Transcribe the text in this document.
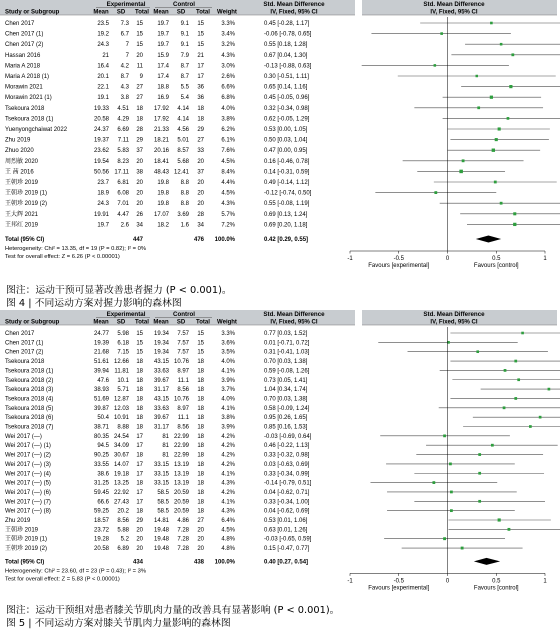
Experimental	Control	Std. Mean Difference	Std. Mean Difference
Study or Subgroup	Mean SD Total Mean SD Total Weight	IV, Fixed, 95% CI	IV, Fixed, 95% CI
Chen 2017	23.5 7.3 15 19.7 9.1 15	3.3%	0.45 [-0.28, 1.17]
Chen 2017 (1)	19.2 6.7 15 19.7 9.1 15	3.4%	-0.06 [-0.78, 0.65]
Chen 2017 (2)	24.3	7 15 19.7 9.1 15	3.2%	0.55 [0.18, 1.28]
Hassan 2016	21	7 20 15.9 7.9 21	4.3%	0.67 [0.04, 1.30]
Maria A 2018	16.4 4.2 11 17.4 8.7 17	3.0%	-0.13 [-0.88, 0.63]
Maria A 2018 (1)	20.1 8.7 9 17.4 8.7 17	2.6%	0.30 [-0.51, 1.11]
Morawin 2021	22.1 4.3 27 18.8 5.5 36	6.6%	0.65 [0.14, 1.16]
Morawin 2021 (1)	19.1 3.8 27 16.9 5.4 36	6.8%	0.45 [-0.05, 0.96]
Tsekoura 2018	19.33 4.51 18 17.92 4.14 18	4.0%	0.32 [-0.34, 0.98]
Tsekoura 2018 (1)	20.58 4.29 18 17.92 4.14 18	3.8%	0.62 [-0.05, 1.29]
Yuenyongchaiwat 2022	24.37 6.69 28 21.33 4.56 29	6.2%	0.53 [0.00, 1.05]
Zhu 2019	19.37 7.11 29 18.21 5.01 27	6.1%	0.50 [0.03, 1.04]
Zhuo 2020	23.62 5.83 37 20.16 8.57 33	7.6%	0.47 [0.00, 0.95]
周烈敏 2020	19.54 8.23 20 18.41 5.68 20	4.5%	0.16 [-0.46, 0.78]
王 茜 2016	50.56 17.11 38 48.43 12.41 37	8.4%	0.14 [-0.31, 0.59]
王朝珍 2019	23.7 6.81 20 19.8 8.8 20	4.4%	0.49 [-0.14, 1.12]
王朝珍 2019 (1)	18.9 6.08 20 19.8 8.8 20	4.5%	-0.12 [-0.74, 0.50]
王朝珍 2019 (2)	24.3 7.01 20 19.8 8.8 20	4.3%	0.55 [-0.08, 1.19]
王大辉 2021	19.91 4.47 26 17.07 3.69 28	5.7%	0.69 [0.13, 1.24]
王邦红 2019	19.7 2.6 34 18.2 1.6 34	7.2%	0.69 [0.20, 1.18]
Total (95% CI)	447	476 100.0%	0.42 [0.29, 0.55]
Heterogeneity: Chi² = 13.35, df = 19 (P = 0.82); I² = 0%
Test for overall effect: Z = 6.26 (P < 0.00001)	-1	-0.5	0	0.5	1
Favours [experimental]	Favours [control]
图注：运动干预可显著改善患者握力 (P < 0.001)。
图 4 | 不同运动方案对握力影响的森林图
Experimental	Control	Std. Mean Difference	Std. Mean Difference
Study or Subgroup	Mean SD Total Mean SD Total Weight	IV, Fixed, 95% CI	IV, Fixed, 95% CI
Chen 2017	24.77 5.98 15 19.34 7.57 15	3.3%	0.77 [0.03, 1.52]
Chen 2017 (1)	19.39 6.18 15 19.34 7.57 15	3.6%	0.01 [-0.71, 0.72]
Chen 2017 (2)	21.68 7.15 15 19.34 7.57 15	3.5%	0.31 [-0.41, 1.03]
Tsekoura 2018	51.61 12.66 18 43.15 10.76 18	4.0%	0.70 [0.03, 1.38]
Tsekoura 2018 (1)	39.94 11.81 18 33.63 8.97 18	4.1%	0.59 [-0.08, 1.26]
Tsekoura 2018 (2)	47.6 10.1 18 39.67 11.1 18	3.9%	0.73 [0.05, 1.41]
Tsekoura 2018 (3)	38.93 5.71 18 31.17 8.56 18	3.7%	1.04 [0.34, 1.74]
Tsekoura 2018 (4)	51.69 12.87 18 43.15 10.76 18	4.0%	0.70 [0.03, 1.38]
Tsekoura 2018 (5)	39.87 12.03 18 33.63 8.97 18	4.1%	0.58 [-0.09, 1.24]
Tsekoura 2018 (6)	50.4 10.91 18 39.67 11.1 18	3.8%	0.95 [0.26, 1.65]
Tsekoura 2018 (7)	38.71 8.88 18 31.17 8.56 18	3.9%	0.85 [0.16, 1.53]
Wei 2017 (—)	80.35 24.54 17	81 22.99 18	4.2%	-0.03 [-0.69, 0.64]
Wei 2017 (—) (1)	94.5 34.09 17	81 22.99 18	4.2%	0.46 [-0.22, 1.13]
Wei 2017 (—) (2)	90.25 30.67 18	81 22.99 18	4.2%	0.33 [-0.32, 0.98]
Wei 2017 (—) (3)	33.55 14.07 17 33.15 13.19 18	4.2%	0.03 [-0.63, 0.69]
Wei 2017 (—) (4)	38.6 19.18 17 33.15 13.19 18	4.1%	0.33 [-0.34, 0.99]
Wei 2017 (—) (5)	31.25 13.25 18 33.15 13.19 18	4.3%	-0.14 [-0.79, 0.51]
Wei 2017 (—) (6)	59.45 22.92 17 58.5 20.59 18	4.2%	0.04 [-0.62, 0.71]
Wei 2017 (—) (7)	66.6 27.43 17 58.5 20.59 18	4.1%	0.33 [-0.34, 1.00]
Wei 2017 (—) (8)	59.25 20.2 18 58.5 20.59 18	4.3%	0.04 [-0.62, 0.69]
Zhu 2019	18.57 8.56 29 14.81 4.86 27	6.4%	0.53 [0.01, 1.06]
王朝珍 2019	23.72 5.88 20 19.48 7.28 20	4.5%	0.63 [0.01, 1.26]
王朝珍 2019 (1)	19.28 5.2 20 19.48 7.28 20	4.8%	-0.03 [-0.65, 0.59]
王朝珍 2019 (2)	20.58 6.89 20 19.48 7.28 20	4.8%	0.15 [-0.47, 0.77]
Total (95% CI)	434	438 100.0%	0.40 [0.27, 0.54]
Heterogeneity: Chi² = 23.60, df = 23 (P = 0.43); I² = 3%
Test for overall effect: Z = 5.83 (P < 0.00001)	-1	-0.5	0	0.5	1
Favours [experimental]	Favours [control]
图注：运动干预组对患者膝关节肌肉力量的改善具有显著影响 (P < 0.001)。
图 5 | 不同运动方案对膝关节肌肉力量影响的森林图
